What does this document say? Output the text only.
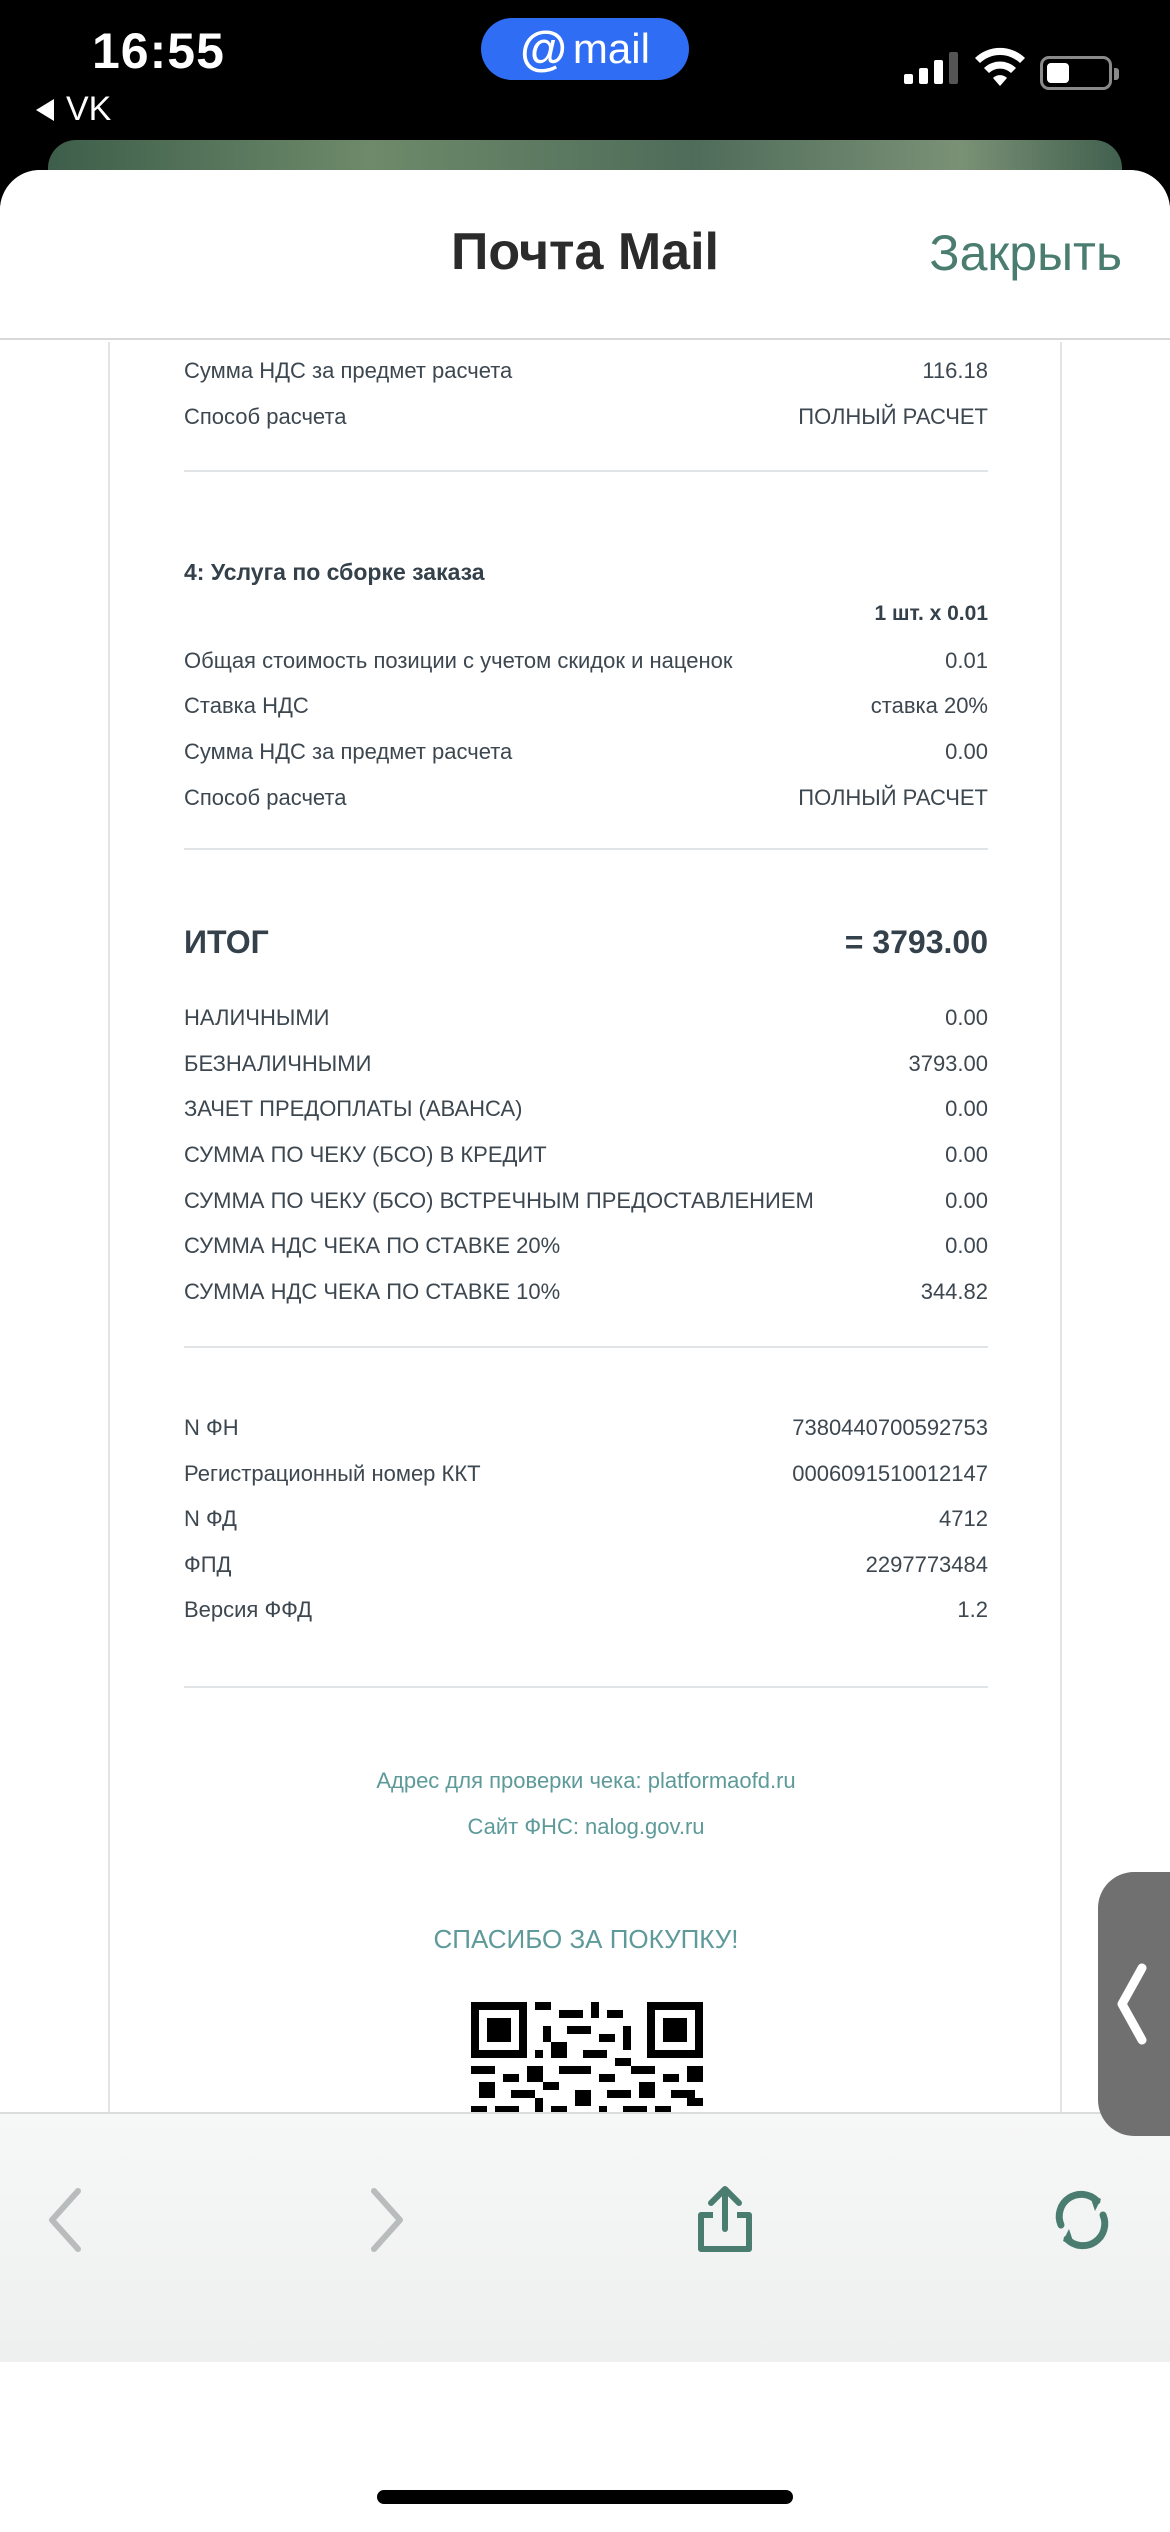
16:55
VK
@ mail
Почта Mail	Закрыть
Сумма НДС за предмет расчета	116.18
Способ расчета	ПОЛНЫЙ РАСЧЕТ
4: Услуга по сборке заказа
1 шт. x 0.01
Общая стоимость позиции с учетом скидок и наценок	0.01
Ставка НДС	ставка 20%
Сумма НДС за предмет расчета	0.00
Способ расчета	ПОЛНЫЙ РАСЧЕТ
ИТОГ	= 3793.00
НАЛИЧНЫМИ	0.00
БЕЗНАЛИЧНЫМИ	3793.00
ЗАЧЕТ ПРЕДОПЛАТЫ (АВАНСА)	0.00
СУММА ПО ЧЕКУ (БСО) В КРЕДИТ	0.00
СУММА ПО ЧЕКУ (БСО) ВСТРЕЧНЫМ ПРЕДОСТАВЛЕНИЕМ	0.00
СУММА НДС ЧЕКА ПО СТАВКЕ 20%	0.00
СУММА НДС ЧЕКА ПО СТАВКЕ 10%	344.82
N ФН	7380440700592753
Регистрационный номер ККТ	0006091510012147
N ФД	4712
ФПД	2297773484
Версия ФФД	1.2
Адрес для проверки чека: platformaofd.ru
Сайт ФНС: nalog.gov.ru
СПАСИБО ЗА ПОКУПКУ!
